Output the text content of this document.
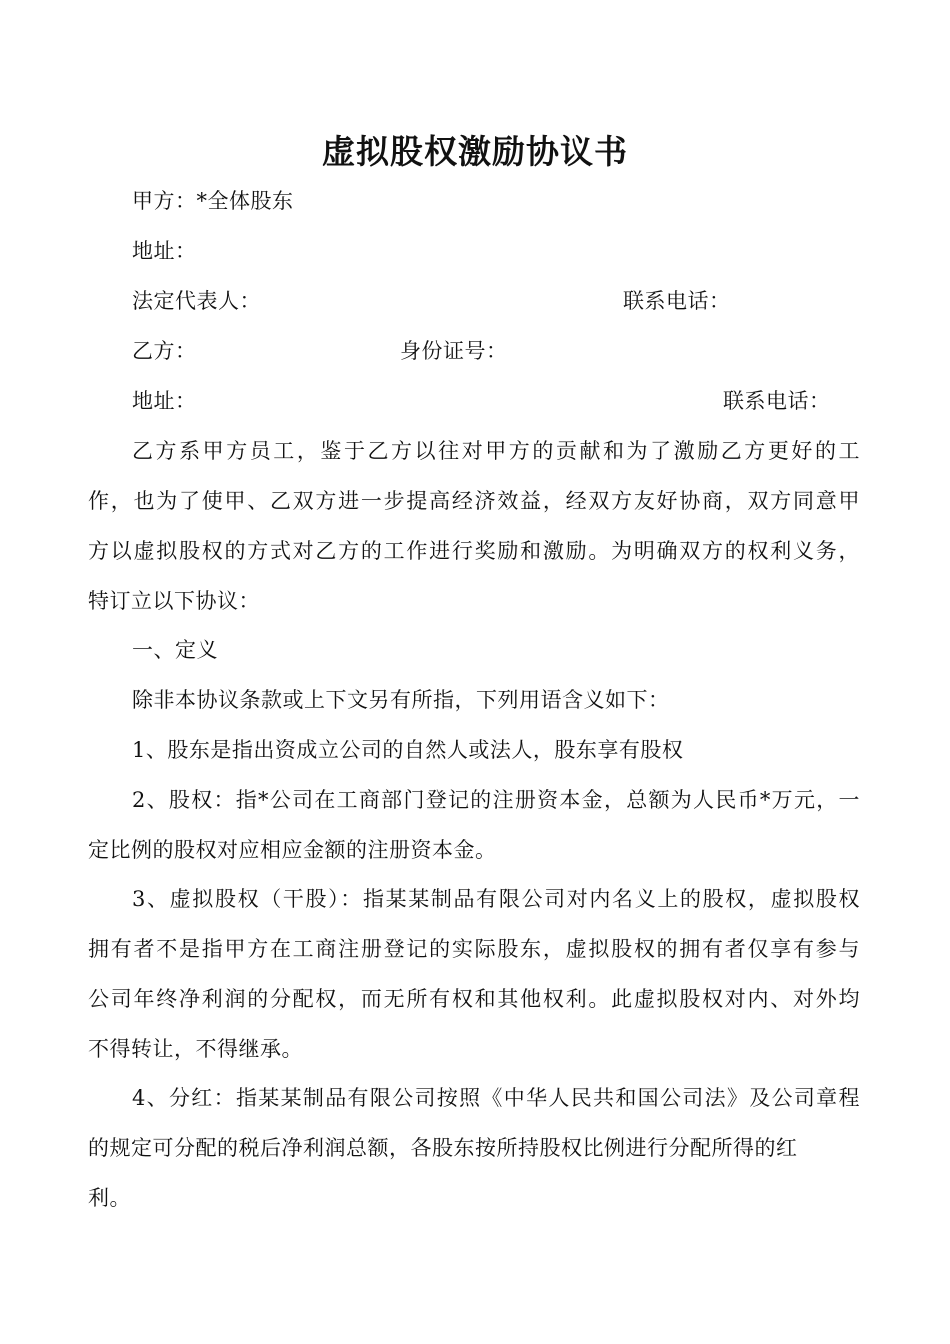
虚拟股权激励协议书
甲方：*全体股东
地址：
法定代表人：	联系电话：
乙方：	身份证号：
地址：	联系电话：
乙方系甲方员工，鉴于乙方以往对甲方的贡献和为了激励乙方更好的工
作，也为了使甲、乙双方进一步提高经济效益，经双方友好协商，双方同意甲
方以虚拟股权的方式对乙方的工作进行奖励和激励。为明确双方的权利义务，
特订立以下协议：
一、定义
除非本协议条款或上下文另有所指，下列用语含义如下：
1、股东是指出资成立公司的自然人或法人，股东享有股权
2、股权：指*公司在工商部门登记的注册资本金，总额为人民币*万元，一
定比例的股权对应相应金额的注册资本金。
3、虚拟股权（干股）：指某某制品有限公司对内名义上的股权，虚拟股权
拥有者不是指甲方在工商注册登记的实际股东，虚拟股权的拥有者仅享有参与
公司年终净利润的分配权，而无所有权和其他权利。此虚拟股权对内、对外均
不得转让，不得继承。
4、分红：指某某制品有限公司按照《中华人民共和国公司法》及公司章程
的规定可分配的税后净利润总额，各股东按所持股权比例进行分配所得的红
利。
